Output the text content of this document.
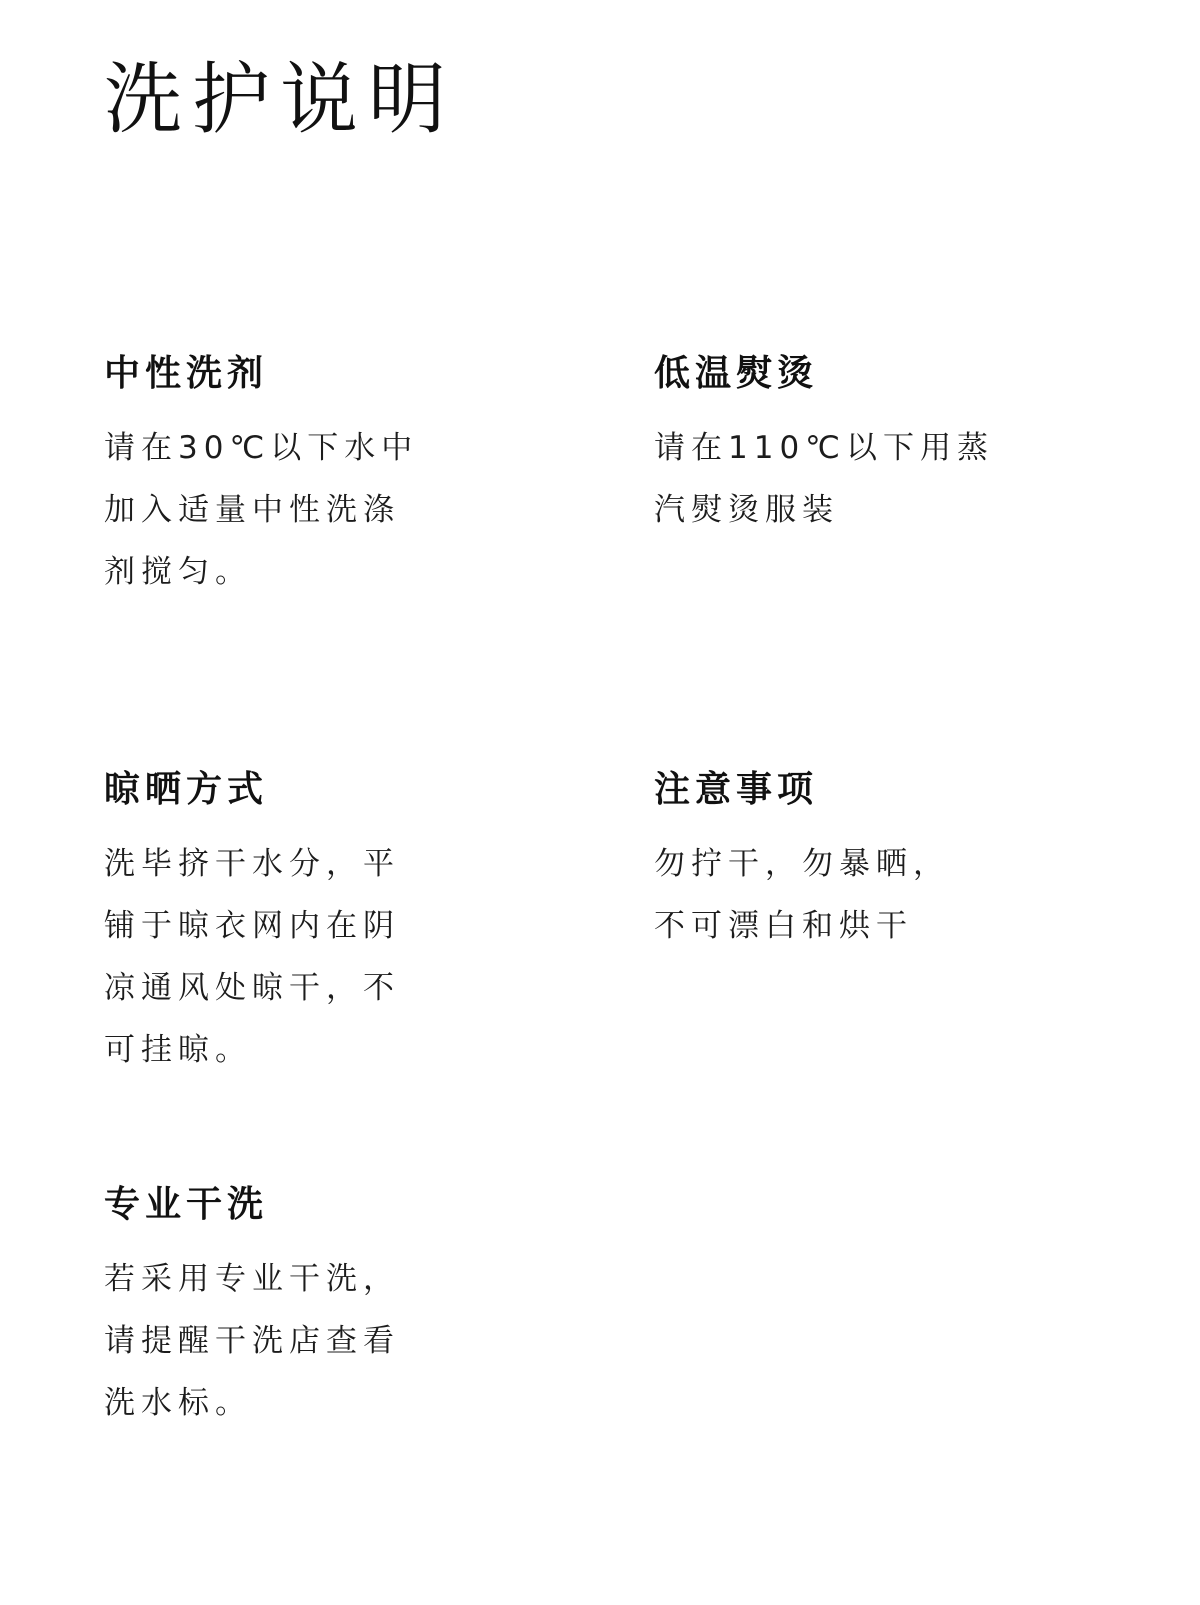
洗护说明
中性洗剂
请在30℃以下水中
加入适量中性洗涤
剂搅匀。
低温熨烫
请在110℃以下用蒸
汽熨烫服装
晾晒方式
洗毕挤干水分，平
铺于晾衣网内在阴
凉通风处晾干，不
可挂晾。
注意事项
勿拧干，勿暴晒，
不可漂白和烘干
专业干洗
若采用专业干洗，
请提醒干洗店查看
洗水标。
